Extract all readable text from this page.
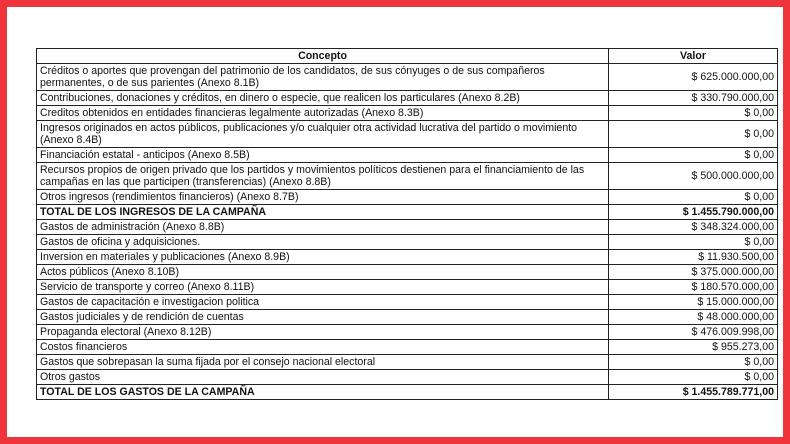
Concepto	Valor
Créditos o aportes que provengan del patrimonio de los candidatos, de sus cónyuges o de sus compañeros permanentes, o de sus parientes (Anexo 8.1B)	$ 625.000.000,00
Contribuciones, donaciones y créditos, en dinero o especie, que realicen los particulares (Anexo 8.2B)	$ 330.790.000,00
Creditos obtenidos en entidades financieras legalmente autorizadas (Anexo 8.3B)	$ 0,00
Ingresos originados en actos públicos, publicaciones y/o cualquier otra actividad lucrativa del partido o movimiento (Anexo 8.4B)	$ 0,00
Financiación estatal - anticipos (Anexo 8.5B)	$ 0,00
Recursos propios de origen privado que los partidos y movimientos políticos destienen para el financiamiento de las campañas en las que participen (transferencias) (Anexo 8.8B)	$ 500.000.000,00
Otros ingresos (rendimientos financieros) (Anexo 8.7B)	$ 0,00
TOTAL DE LOS INGRESOS DE LA CAMPAÑA	$ 1.455.790.000,00
Gastos de administración (Anexo 8.8B)	$ 348.324.000,00
Gastos de oficina y adquisiciones.	$ 0,00
Inversion en materiales y publicaciones (Anexo 8.9B)	$ 11.930.500,00
Actos públicos (Anexo 8.10B)	$ 375.000.000,00
Servicio de transporte y correo (Anexo 8.11B)	$ 180.570.000,00
Gastos de capacitación e investigacion politica	$ 15.000.000,00
Gastos judiciales y de rendición de cuentas	$ 48.000.000,00
Propaganda electoral (Anexo 8.12B)	$ 476.009.998,00
Costos financieros	$ 955.273,00
Gastos que sobrepasan la suma fijada por el consejo nacional electoral	$ 0,00
Otros gastos	$ 0,00
TOTAL DE LOS GASTOS DE LA CAMPAÑA	$ 1.455.789.771,00
